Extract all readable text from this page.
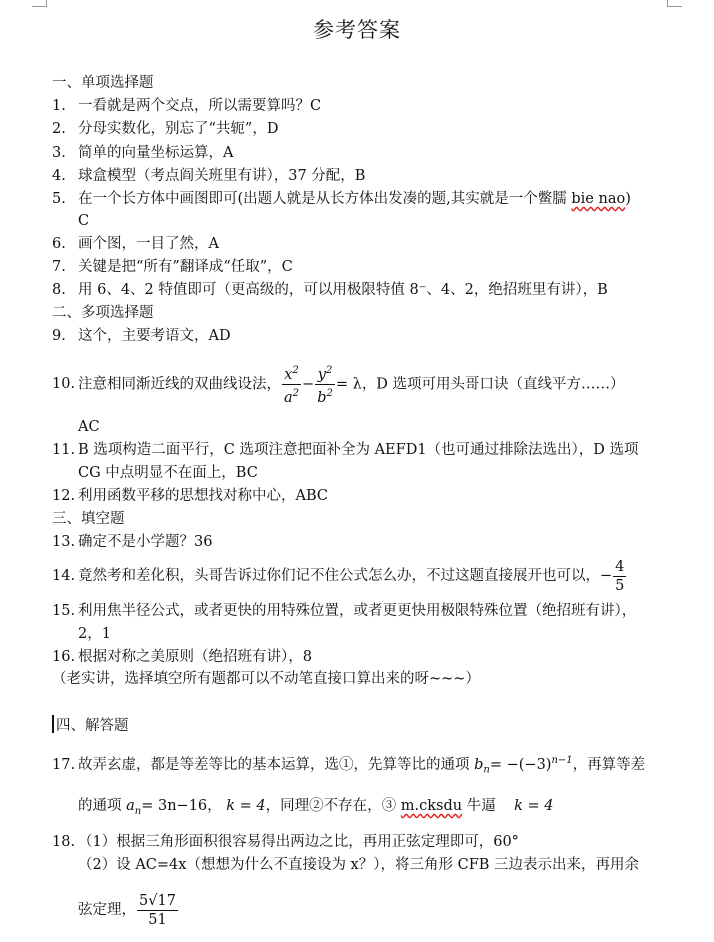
参考答案
一、单项选择题
1. 一看就是两个交点，所以需要算吗？C
2. 分母实数化，别忘了“共轭”，D
3. 简单的向量坐标运算，A
4. 球盒模型（考点阎关班里有讲），37 分配，B
5. 在一个长方体中画图即可(出题人就是从长方体出发凑的题,其实就是一个鳖臑 bie nao)
C
6. 画个图，一目了然，A
7. 关键是把“所有”翻译成“任取”，C
8. 用 6、4、2 特值即可（更高级的，可以用极限特值 8⁻、4、2，绝招班里有讲），B
二、多项选择题
9. 这个，主要考语文，AD
10. 注意相同渐近线的双曲线设法， $\frac{x^2}{a^2} - \frac{y^2}{b^2} = \lambda$，D 选项可用头哥口诀（直线平方……）
AC
11. B 选项构造二面平行，C 选项注意把面补全为 AEFD1（也可通过排除法选出），D 选项
CG 中点明显不在面上，BC
12. 利用函数平移的思想找对称中心，ABC
三、填空题
13. 确定不是小学题？36
14. 竟然考和差化积，头哥告诉过你们记不住公式怎么办，不过这题直接展开也可以，− $\frac{4}{5}$
15. 利用焦半径公式，或者更快的用特殊位置，或者更更快用极限特殊位置（绝招班有讲），
2，1
16. 根据对称之美原则（绝招班有讲），8
（老实讲，选择填空所有题都可以不动笔直接口算出来的呀~~~）
四、解答题
17. 故弄玄虚，都是等差等比的基本运算，选①，先算等比的通项 $b_n= -(-3)^{n-1}$，再算等差
的通项 $a_n= 3n-16$， k = 4，同理②不存在，③ m.cksdu 牛逼 k = 4
18. （1）根据三角形面积很容易得出两边之比，再用正弦定理即可，60°
（2）设 AC=4x（想想为什么不直接设为 x？），将三角形 CFB 三边表示出来，再用余
弦定理， $\frac{5√17}{51}$
